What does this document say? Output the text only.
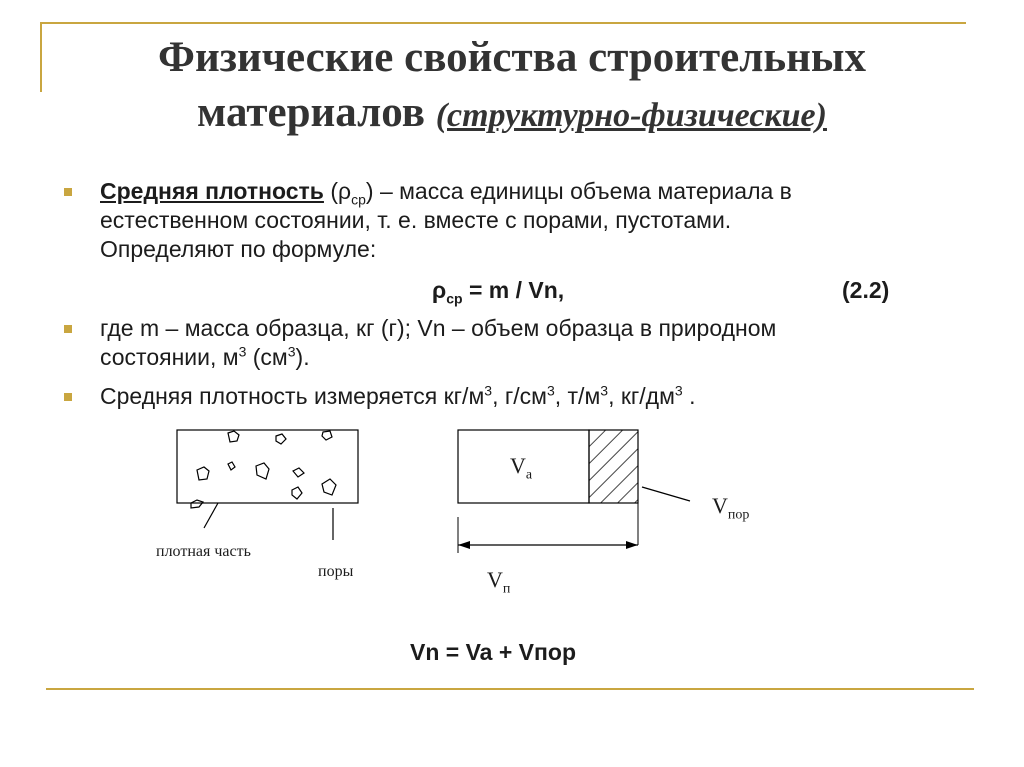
Физические свойства строительных
материалов (структурно-физические)
Средняя плотность $(\rho_{ср})$ – масса единицы объема материала в
естественном состоянии, т. е. вместе с порами, пустотами.
Определяют по формуле:
$\rho_{ср} = m / Vn$,	(2.2)
где m – масса образца, кг (г); Vn – объем образца в природном
состоянии, $м^3$ $(см^3)$.
Средняя плотность измеряется $кг/м^3$, $г/см^3$, $т/м^3$, $кг/дм^3$ .
плотная часть
поры
$V_а$
$V_{пор}$
$V_п$
Vn = Va + Vпор
